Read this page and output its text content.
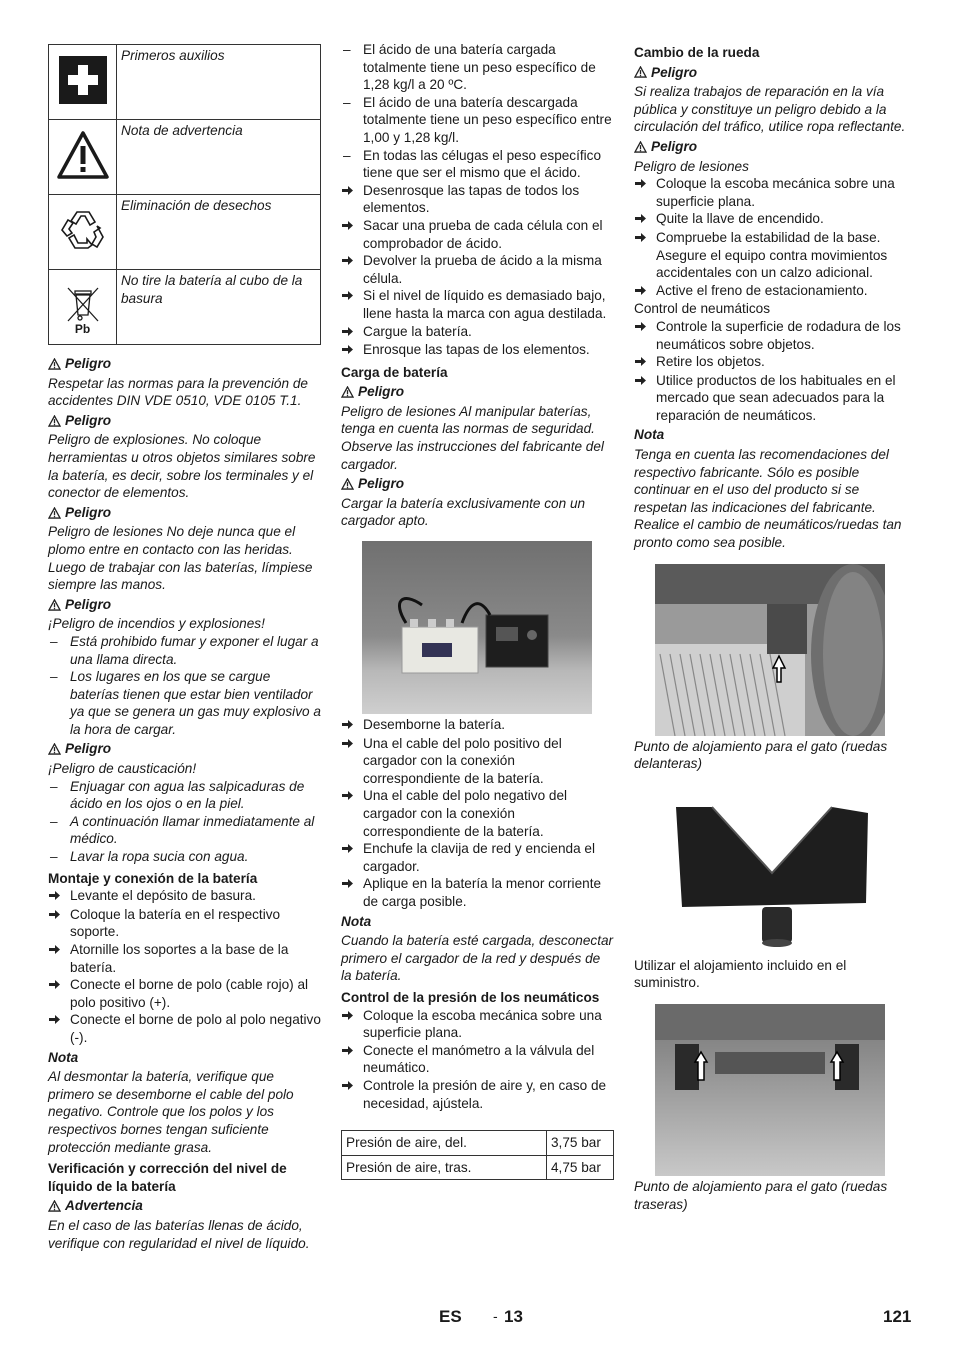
	Primeros auxilios
	Nota de advertencia
	Eliminación de desechos

Pb	No tire la batería al cubo de la basura

Peligro

Respetar las normas para la prevención de accidentes DIN VDE 0510, VDE 0105 T.1.

Peligro

Peligro de explosiones. No coloque herramientas u otros objetos similares sobre la batería, es decir, sobre los terminales y el conector de elementos.

Peligro

Peligro de lesiones No deje nunca que el plomo entre en contacto con las heridas. Luego de trabajar con las baterías, límpiese siempre las manos.

Peligro

¡Peligro de incendios y explosiones!

– Está prohibido fumar y exponer el lugar a una llama directa.
– Los lugares en los que se cargue baterías tienen que estar bien ventilador ya que se genera un gas muy explosivo a la hora de cargar.

Peligro

¡Peligro de causticación!

– Enjuagar con agua las salpicaduras de ácido en los ojos o en la piel.
– A continuación llamar inmediatamente al médico.
– Lavar la ropa sucia con agua.

Montaje y conexión de la batería

Levante el depósito de basura.
Coloque la batería en el respectivo soporte.
Atornille los soportes a la base de la batería.
Conecte el borne de polo (cable rojo) al polo positivo (+).
Conecte el borne de polo al polo negativo (-).

Nota

Al desmontar la batería, verifique que primero se desemborne el cable del polo negativo. Controle que los polos y los respectivos bornes tengan suficiente protección mediante grasa.

Verificación y corrección del nivel de líquido de la batería

Advertencia

En el caso de las baterías llenas de ácido, verifique con regularidad el nivel de líquido.

– El ácido de una batería cargada totalmente tiene un peso específico de 1,28 kg/l a 20 ºC.
– El ácido de una batería descargada totalmente tiene un peso específico entre 1,00 y 1,28 kg/l.
– En todas las célugas el peso específico tiene que ser el mismo que el ácido.
Desenrosque las tapas de todos los elementos.
Sacar una prueba de cada célula con el comprobador de ácido.
Devolver la prueba de ácido a la misma célula.
Si el nivel de líquido es demasiado bajo, llene hasta la marca con agua destilada.
Cargue la batería.
Enrosque las tapas de los elementos.

Carga de batería

Peligro

Peligro de lesiones Al manipular baterías, tenga en cuenta las normas de seguridad. Observe las instrucciones del fabricante del cargador.

Peligro

Cargar la batería exclusivamente con un cargador apto.

Desemborne la batería.
Una el cable del polo positivo del cargador con la conexión correspondiente de la batería.
Una el cable del polo negativo del cargador con la conexión correspondiente de la batería.
Enchufe la clavija de red y encienda el cargador.
Aplique en la batería la menor corriente de carga posible.

Nota

Cuando la batería esté cargada, desconectar primero el cargador de la red y después de la batería.

Control de la presión de los neumáticos

Coloque la escoba mecánica sobre una superficie plana.
Conecte el manómetro a la válvula del neumático.
Controle la presión de aire y, en caso de necesidad, ajústela.
Presión de aire, del.	3,75 bar
Presión de aire, tras.	4,75 bar

Cambio de la rueda

Peligro

Si realiza trabajos de reparación en la vía pública y constituye un peligro debido a la circulación del tráfico, utilice ropa reflectante.

Peligro

Peligro de lesiones

Coloque la escoba mecánica sobre una superficie plana.
Quite la llave de encendido.
Compruebe la estabilidad de la base. Asegure el equipo contra movimientos accidentales con un calzo adicional.
Active el freno de estacionamiento.

Control de neumáticos

Controle la superficie de rodadura de los neumáticos sobre objetos.
Retire los objetos.
Utilice productos de los habituales en el mercado que sean adecuados para la reparación de neumáticos.

Nota

Tenga en cuenta las recomendaciones del respectivo fabricante. Sólo es posible continuar en el uso del producto si se respetan las indicaciones del fabricante. Realice el cambio de neumáticos/ruedas tan pronto como sea posible.

Punto de alojamiento para el gato (ruedas delanteras)

Utilizar el alojamiento incluido en el suministro.

Punto de alojamiento para el gato (ruedas traseras)

ES - 13	121
